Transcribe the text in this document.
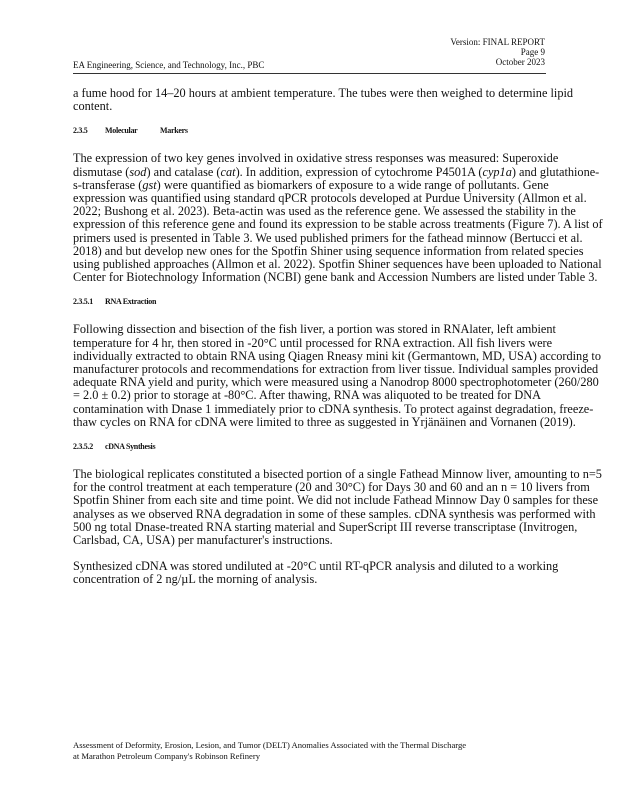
Version: FINAL REPORT
Page 9
October 2023
EA Engineering, Science, and Technology, Inc., PBC

a fume hood for 14–20 hours at ambient temperature. The tubes were then weighed to determine lipid content.

2.3.5 Molecular	Markers

The expression of two key genes involved in oxidative stress responses was measured: Superoxide dismutase (sod) and catalase (cat). In addition, expression of cytochrome P4501A (cyp1a) and glutathione-s-transferase (gst) were quantified as biomarkers of exposure to a wide range of pollutants. Gene expression was quantified using standard qPCR protocols developed at Purdue University (Allmon et al. 2022; Bushong et al. 2023). Beta-actin was used as the reference gene. We assessed the stability in the expression of this reference gene and found its expression to be stable across treatments (Figure 7). A list of primers used is presented in Table 3. We used published primers for the fathead minnow (Bertucci et al. 2018) and but develop new ones for the Spotfin Shiner using sequence information from related species using published approaches (Allmon et al. 2022). Spotfin Shiner sequences have been uploaded to National Center for Biotechnology Information (NCBI) gene bank and Accession Numbers are listed under Table 3.

2.3.5.1 RNA Extraction

Following dissection and bisection of the fish liver, a portion was stored in RNAlater, left ambient temperature for 4 hr, then stored in -20°C until processed for RNA extraction. All fish livers were individually extracted to obtain RNA using Qiagen Rneasy mini kit (Germantown, MD, USA) according to manufacturer protocols and recommendations for extraction from liver tissue. Individual samples provided adequate RNA yield and purity, which were measured using a Nanodrop 8000 spectrophotometer (260/280 = 2.0 ± 0.2) prior to storage at -80°C. After thawing, RNA was aliquoted to be treated for DNA contamination with Dnase 1 immediately prior to cDNA synthesis. To protect against degradation, freeze-thaw cycles on RNA for cDNA were limited to three as suggested in Yrjänäinen and Vornanen (2019).

2.3.5.2 cDNA Synthesis

The biological replicates constituted a bisected portion of a single Fathead Minnow liver, amounting to n=5 for the control treatment at each temperature (20 and 30°C) for Days 30 and 60 and an n = 10 livers from Spotfin Shiner from each site and time point. We did not include Fathead Minnow Day 0 samples for these analyses as we observed RNA degradation in some of these samples. cDNA synthesis was performed with 500 ng total Dnase-treated RNA starting material and SuperScript III reverse transcriptase (Invitrogen, Carlsbad, CA, USA) per manufacturer's instructions.

Synthesized cDNA was stored undiluted at -20°C until RT-qPCR analysis and diluted to a working concentration of 2 ng/µL the morning of analysis.

Assessment of Deformity, Erosion, Lesion, and Tumor (DELT) Anomalies Associated with the Thermal Discharge
at Marathon Petroleum Company's Robinson Refinery
